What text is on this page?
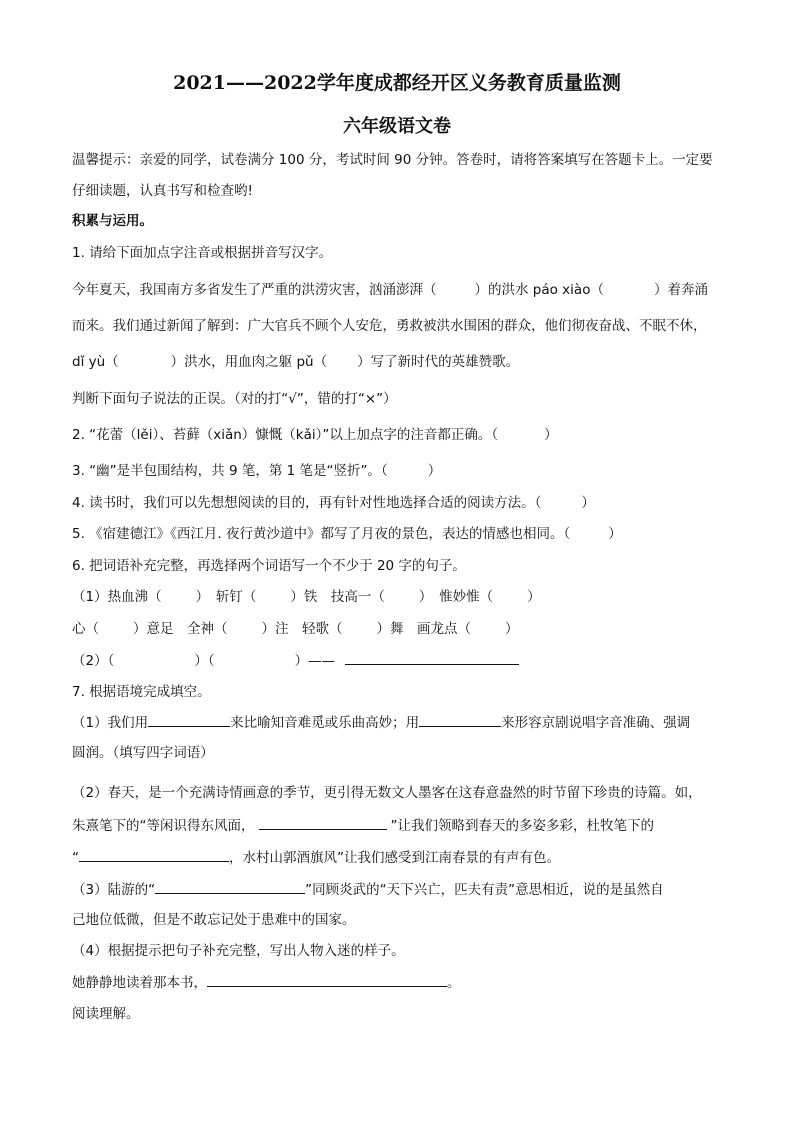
2021——2022学年度成都经开区义务教育质量监测
六年级语文卷
温馨提示：亲爱的同学，试卷满分 100 分，考试时间 90 分钟。答卷时，请将答案填写在答题卡上。一定要
仔细读题，认真书写和检查哟!
积累与运用。
1. 请给下面加点字注音或根据拼音写汉字。
今年夏天，我国南方多省发生了严重的洪涝灾害，汹涌澎湃（	）的洪水 páo xiào（	）着奔涌
而来。我们通过新闻了解到：广大官兵不顾个人安危，勇救被洪水围困的群众，他们彻夜奋战、不眠不休，
dǐ yù（	）洪水，用血肉之躯 pǔ（ ）写了新时代的英雄赞歌。
判断下面句子说法的正误。（对的打“√”，错的打“×”）
2. “花蕾（lěi）、苔藓（xiǎn）慷慨（kǎi）”以上加点字的注音都正确。（	）
3. “幽”是半包围结构，共 9 笔，第 1 笔是“竖折”。（	）
4. 读书时，我们可以先想想阅读的目的，再有针对性地选择合适的阅读方法。（	）
5. 《宿建德江》《西江月. 夜行黄沙道中》都写了月夜的景色，表达的情感也相同。（	）
6. 把词语补充完整，再选择两个词语写一个不少于 20 字的句子。
（1）热血沸（	）　斩钉（	）铁　技高一（	）　惟妙惟（	）
心（	）意足　全神（	）注　轻歌（	）舞　画龙点（	）
（2）（	）（	）——
7. 根据语境完成填空。
（1）我们用	来比喻知音难觅或乐曲高妙；用	来形容京剧说唱字音准确、强调
圆润。（填写四字词语）
（2）春天，是一个充满诗情画意的季节，更引得无数文人墨客在这春意盎然的时节留下珍贵的诗篇。如，
朱熹笔下的“等闲识得东风面，	”让我们领略到春天的多姿多彩，杜牧笔下的
“	，水村山郭酒旗风”让我们感受到江南春景的有声有色。
（3）陆游的“	”同顾炎武的“天下兴亡，匹夫有责”意思相近，说的是虽然自
己地位低微，但是不敢忘记处于患难中的国家。
（4）根据提示把句子补充完整，写出人物入迷的样子。
她静静地读着那本书，	。
阅读理解。
